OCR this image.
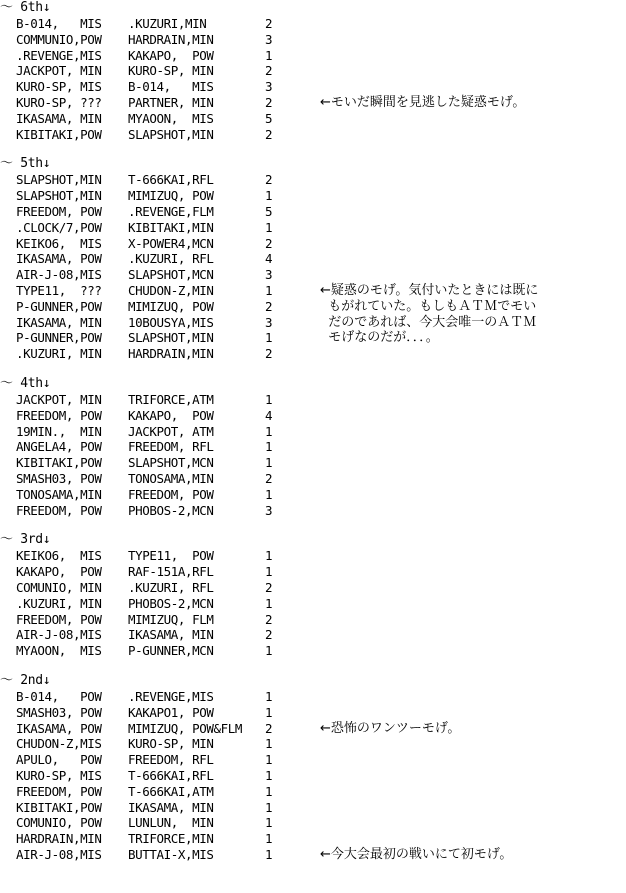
〜 6th↓
B-014,   MIS .KUZURI,MIN	2
COMMUNIO,POW HARDRAIN,MIN	3
.REVENGE,MIS KAKAPO,  POW	1
JACKPOT, MIN KURO-SP, MIN	2
KURO-SP, MIS B-014,   MIS	3
KURO-SP, ??? PARTNER, MIN	2
IKASAMA, MIN MYAOON,  MIS	5
KIBITAKI,POW SLAPSHOT,MIN	2
←モいだ瞬間を見逃した疑惑モげ。
〜 5th↓
SLAPSHOT,MIN T-666KAI,RFL	2
SLAPSHOT,MIN MIMIZUQ, POW	1
FREEDOM, POW .REVENGE,FLM	5
.CLOCK/7,POW KIBITAKI,MIN	1
KEIKO6,  MIS X-POWER4,MCN	2
IKASAMA, POW .KUZURI, RFL	4
AIR-J-08,MIS SLAPSHOT,MCN	3
TYPE11,  ??? CHUDON-Z,MIN	1
P-GUNNER,POW MIMIZUQ, POW	2
IKASAMA, MIN 10BOUSYA,MIS	3
P-GUNNER,POW SLAPSHOT,MIN	1
.KUZURI, MIN HARDRAIN,MIN	2
←疑惑のモげ。気付いたときには既に
もがれていた。もしもＡＴＭでモい
だのであれば、今大会唯一のＡＴＭ
モげなのだが．．．。
〜 4th↓
JACKPOT, MIN TRIFORCE,ATM	1
FREEDOM, POW KAKAPO,  POW	4
19MIN.,  MIN JACKPOT, ATM	1
ANGELA4, POW FREEDOM, RFL	1
KIBITAKI,POW SLAPSHOT,MCN	1
SMASH03, POW TONOSAMA,MIN	2
TONOSAMA,MIN FREEDOM, POW	1
FREEDOM, POW PHOBOS-2,MCN	3
〜 3rd↓
KEIKO6,  MIS TYPE11,  POW	1
KAKAPO,  POW RAF-151A,RFL	1
COMUNIO, MIN .KUZURI, RFL	2
.KUZURI, MIN PHOBOS-2,MCN	1
FREEDOM, POW MIMIZUQ, FLM	2
AIR-J-08,MIS IKASAMA, MIN	2
MYAOON,  MIS P-GUNNER,MCN	1
〜 2nd↓
B-014,   POW .REVENGE,MIS	1
SMASH03, POW KAKAPO1, POW	1
IKASAMA, POW MIMIZUQ, POW&FLM 2
CHUDON-Z,MIS KURO-SP, MIN	1
APULO,   POW FREEDOM, RFL	1
KURO-SP, MIS T-666KAI,RFL	1
FREEDOM, POW T-666KAI,ATM	1
KIBITAKI,POW IKASAMA, MIN	1
COMUNIO, POW LUNLUN,  MIN	1
HARDRAIN,MIN TRIFORCE,MIN	1
AIR-J-08,MIS BUTTAI-X,MIS	1
←恐怖のワンツーモげ。
←今大会最初の戦いにて初モげ。
